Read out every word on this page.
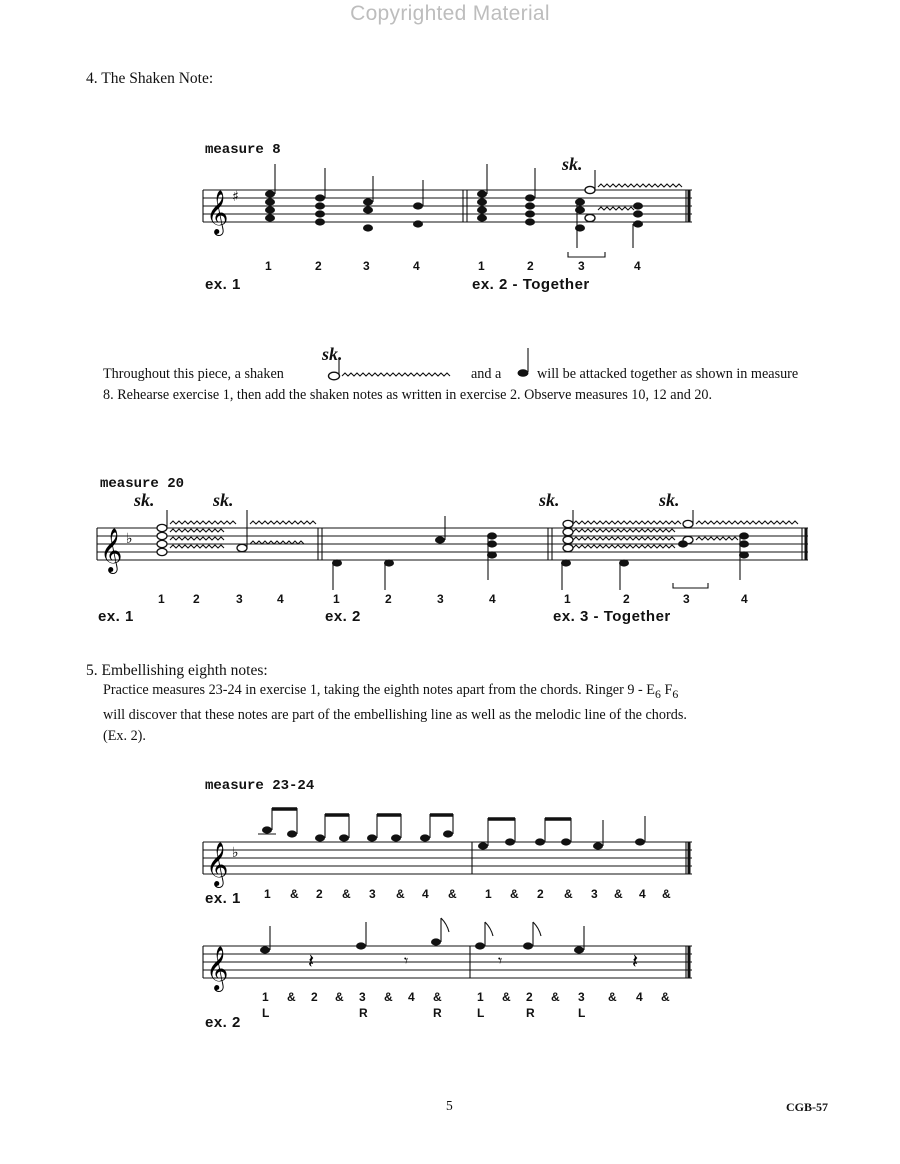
Copyrighted Material
4. The Shaken Note:
measure 8
sk.
𝄞 ♯
1	2	3	4	1	2	3	4
ex. 1	ex. 2 - Together
Throughout this piece, a shaken
sk.
and a	will be attacked together as shown in measure 8. Rehearse exercise 1, then add the shaken notes as written in exercise 2. Observe measures 10, 12 and 20.
measure 20
sk.	sk.	sk.	sk.
𝄞 ♭
1 2	3	4	1	2	3	4	1	2	3	4
ex. 1	ex. 2	ex. 3 - Together
5. Embellishing eighth notes:
Practice measures 23-24 in exercise 1, taking the eighth notes apart from the chords. Ringer $9 - E_6$ $F_6$
will discover that these notes are part of the embellishing line as well as the melodic line of the chords.
(Ex. 2).
measure 23-24
𝄞 ♭
1 & 2 & 3 & 4 & 1 & 2 & 3 & 4 &
ex. 1
𝄞	𝄽	𝄾	𝄾	𝄽
1 & 2 & 3 & 4 &	1 & 2 & 3 & 4 &
L	R	R	L	R	L
ex. 2
5	CGB-57
